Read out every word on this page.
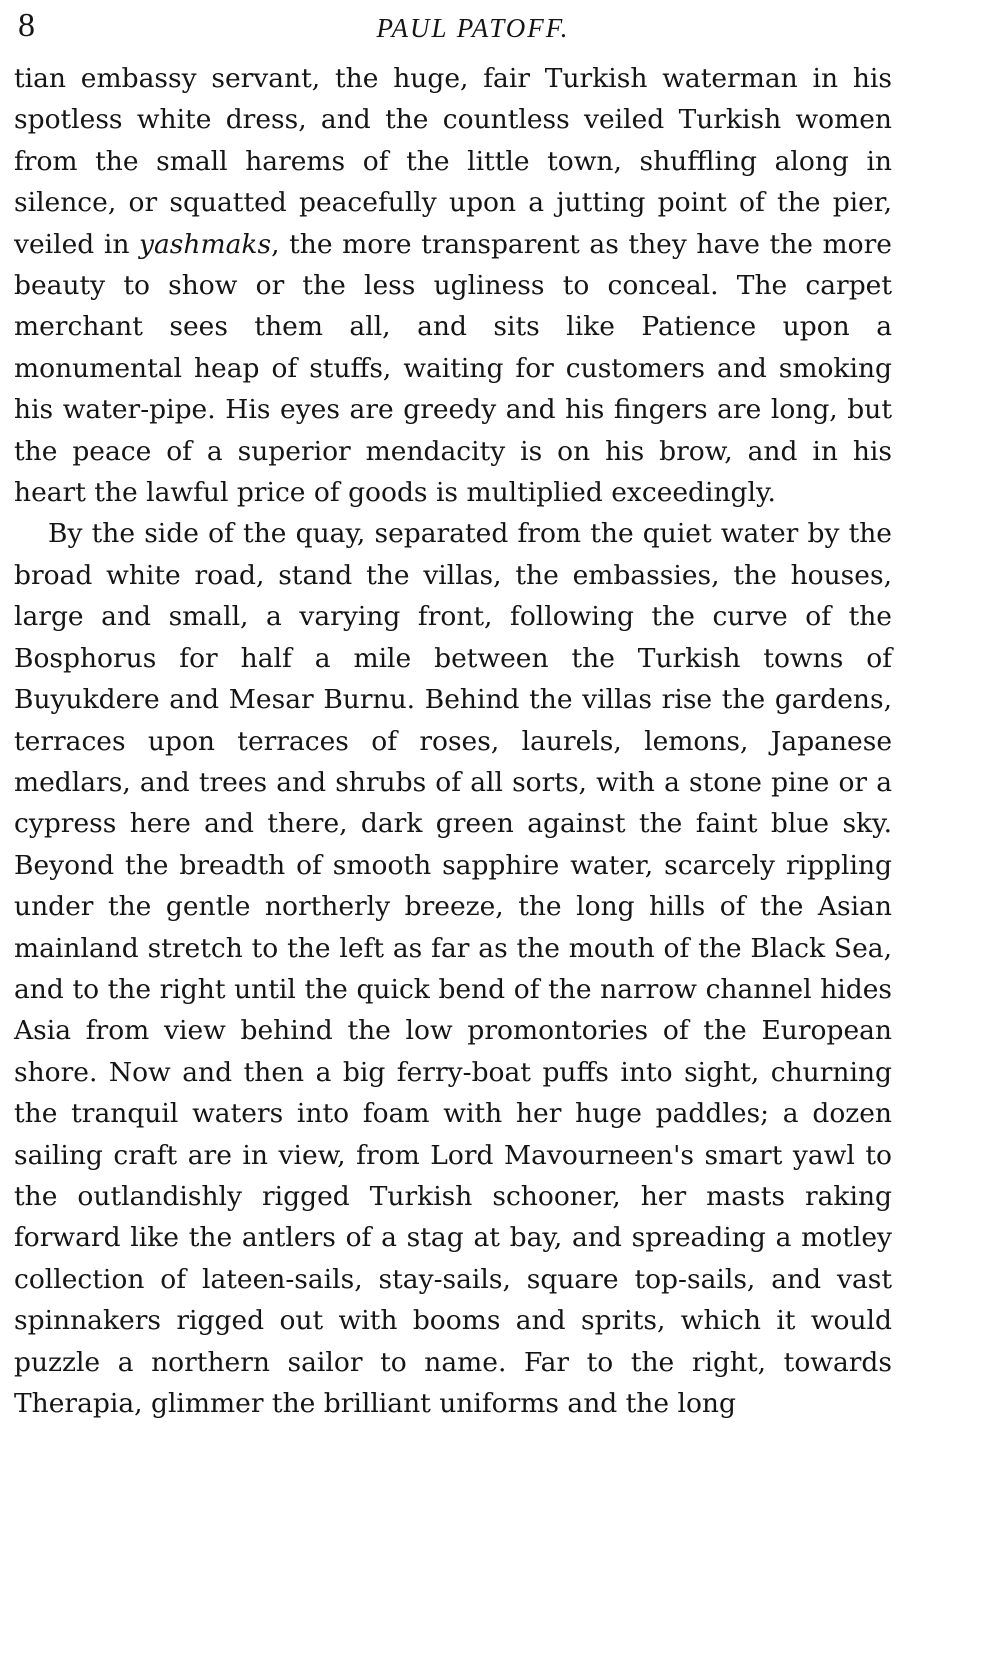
8	PAUL PATOFF.

tian embassy servant, the huge, fair Turkish waterman in his spotless white dress, and the countless veiled Turkish women from the small harems of the little town, shuffling along in silence, or squatted peacefully upon a jutting point of the pier, veiled in yashmaks, the more transparent as they have the more beauty to show or the less ugliness to conceal. The carpet merchant sees them all, and sits like Patience upon a monumental heap of stuffs, waiting for customers and smoking his water-pipe. His eyes are greedy and his fingers are long, but the peace of a superior mendacity is on his brow, and in his heart the lawful price of goods is multiplied exceedingly.

By the side of the quay, separated from the quiet water by the broad white road, stand the villas, the embassies, the houses, large and small, a varying front, following the curve of the Bosphorus for half a mile between the Turkish towns of Buyukdere and Mesar Burnu. Behind the villas rise the gardens, terraces upon terraces of roses, laurels, lemons, Japanese medlars, and trees and shrubs of all sorts, with a stone pine or a cypress here and there, dark green against the faint blue sky. Beyond the breadth of smooth sapphire water, scarcely rippling under the gentle northerly breeze, the long hills of the Asian mainland stretch to the left as far as the mouth of the Black Sea, and to the right until the quick bend of the narrow channel hides Asia from view behind the low promontories of the European shore. Now and then a big ferry-boat puffs into sight, churning the tranquil waters into foam with her huge paddles; a dozen sailing craft are in view, from Lord Mavourneen's smart yawl to the outlandishly rigged Turkish schooner, her masts raking forward like the antlers of a stag at bay, and spreading a motley collection of lateen-sails, stay-sails, square top-sails, and vast spinnakers rigged out with booms and sprits, which it would puzzle a northern sailor to name. Far to the right, towards Therapia, glimmer the brilliant uniforms and the long
